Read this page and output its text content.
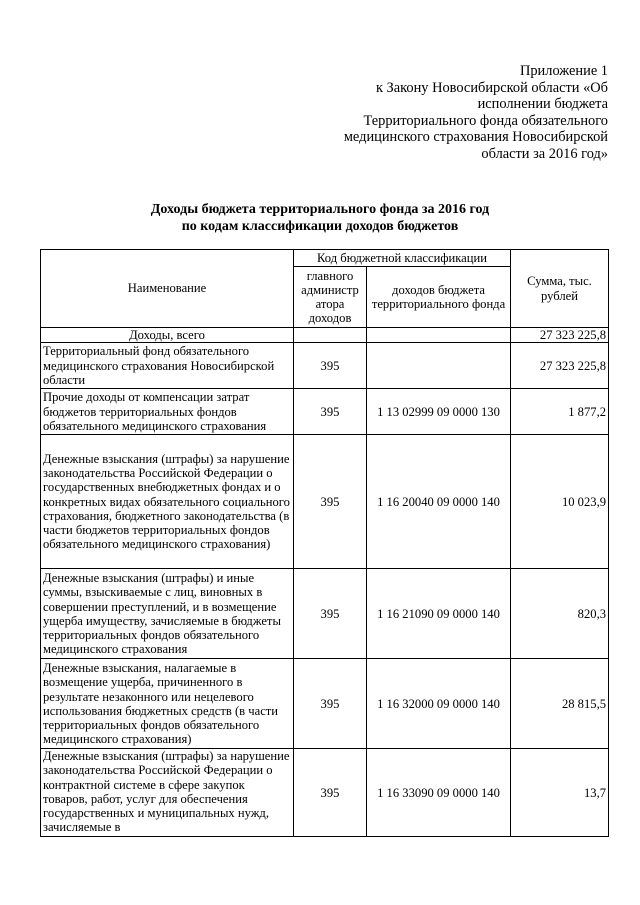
Приложение 1
к Закону Новосибирской области «Об
исполнении бюджета
Территориального фонда обязательного
медицинского страхования Новосибирской
области за 2016 год»
Доходы бюджета территориального фонда за 2016 год
по кодам классификации доходов бюджетов
Наименование	Код бюджетной классификации		Сумма, тыс. рублей
	главного администр атора доходов	доходов бюджета территориального фонда	
Доходы, всего			27 323 225,8
Территориальный фонд обязательного медицинского страхования Новосибирской области	395		27 323 225,8
Прочие доходы от компенсации затрат бюджетов территориальных фондов обязательного медицинского страхования	395	1 13 02999 09 0000 130	1 877,2
Денежные взыскания (штрафы) за нарушение законодательства Российской Федерации о государственных внебюджетных фондах и о конкретных видах обязательного социального страхования, бюджетного законодательства (в части бюджетов территориальных фондов обязательного медицинского страхования)	395	1 16 20040 09 0000 140	10 023,9
Денежные взыскания (штрафы) и иные суммы, взыскиваемые с лиц, виновных в совершении преступлений, и в возмещение ущерба имуществу, зачисляемые в бюджеты территориальных фондов обязательного медицинского страхования	395	1 16 21090 09 0000 140	820,3
Денежные взыскания, налагаемые в возмещение ущерба, причиненного в результате незаконного или нецелевого использования бюджетных средств (в части территориальных фондов обязательного медицинского страхования)	395	1 16 32000 09 0000 140	28 815,5
Денежные взыскания (штрафы) за нарушение законодательства Российской Федерации о контрактной системе в сфере закупок товаров, работ, услуг для обеспечения государственных и муниципальных нужд, зачисляемые в	395	1 16 33090 09 0000 140	13,7
